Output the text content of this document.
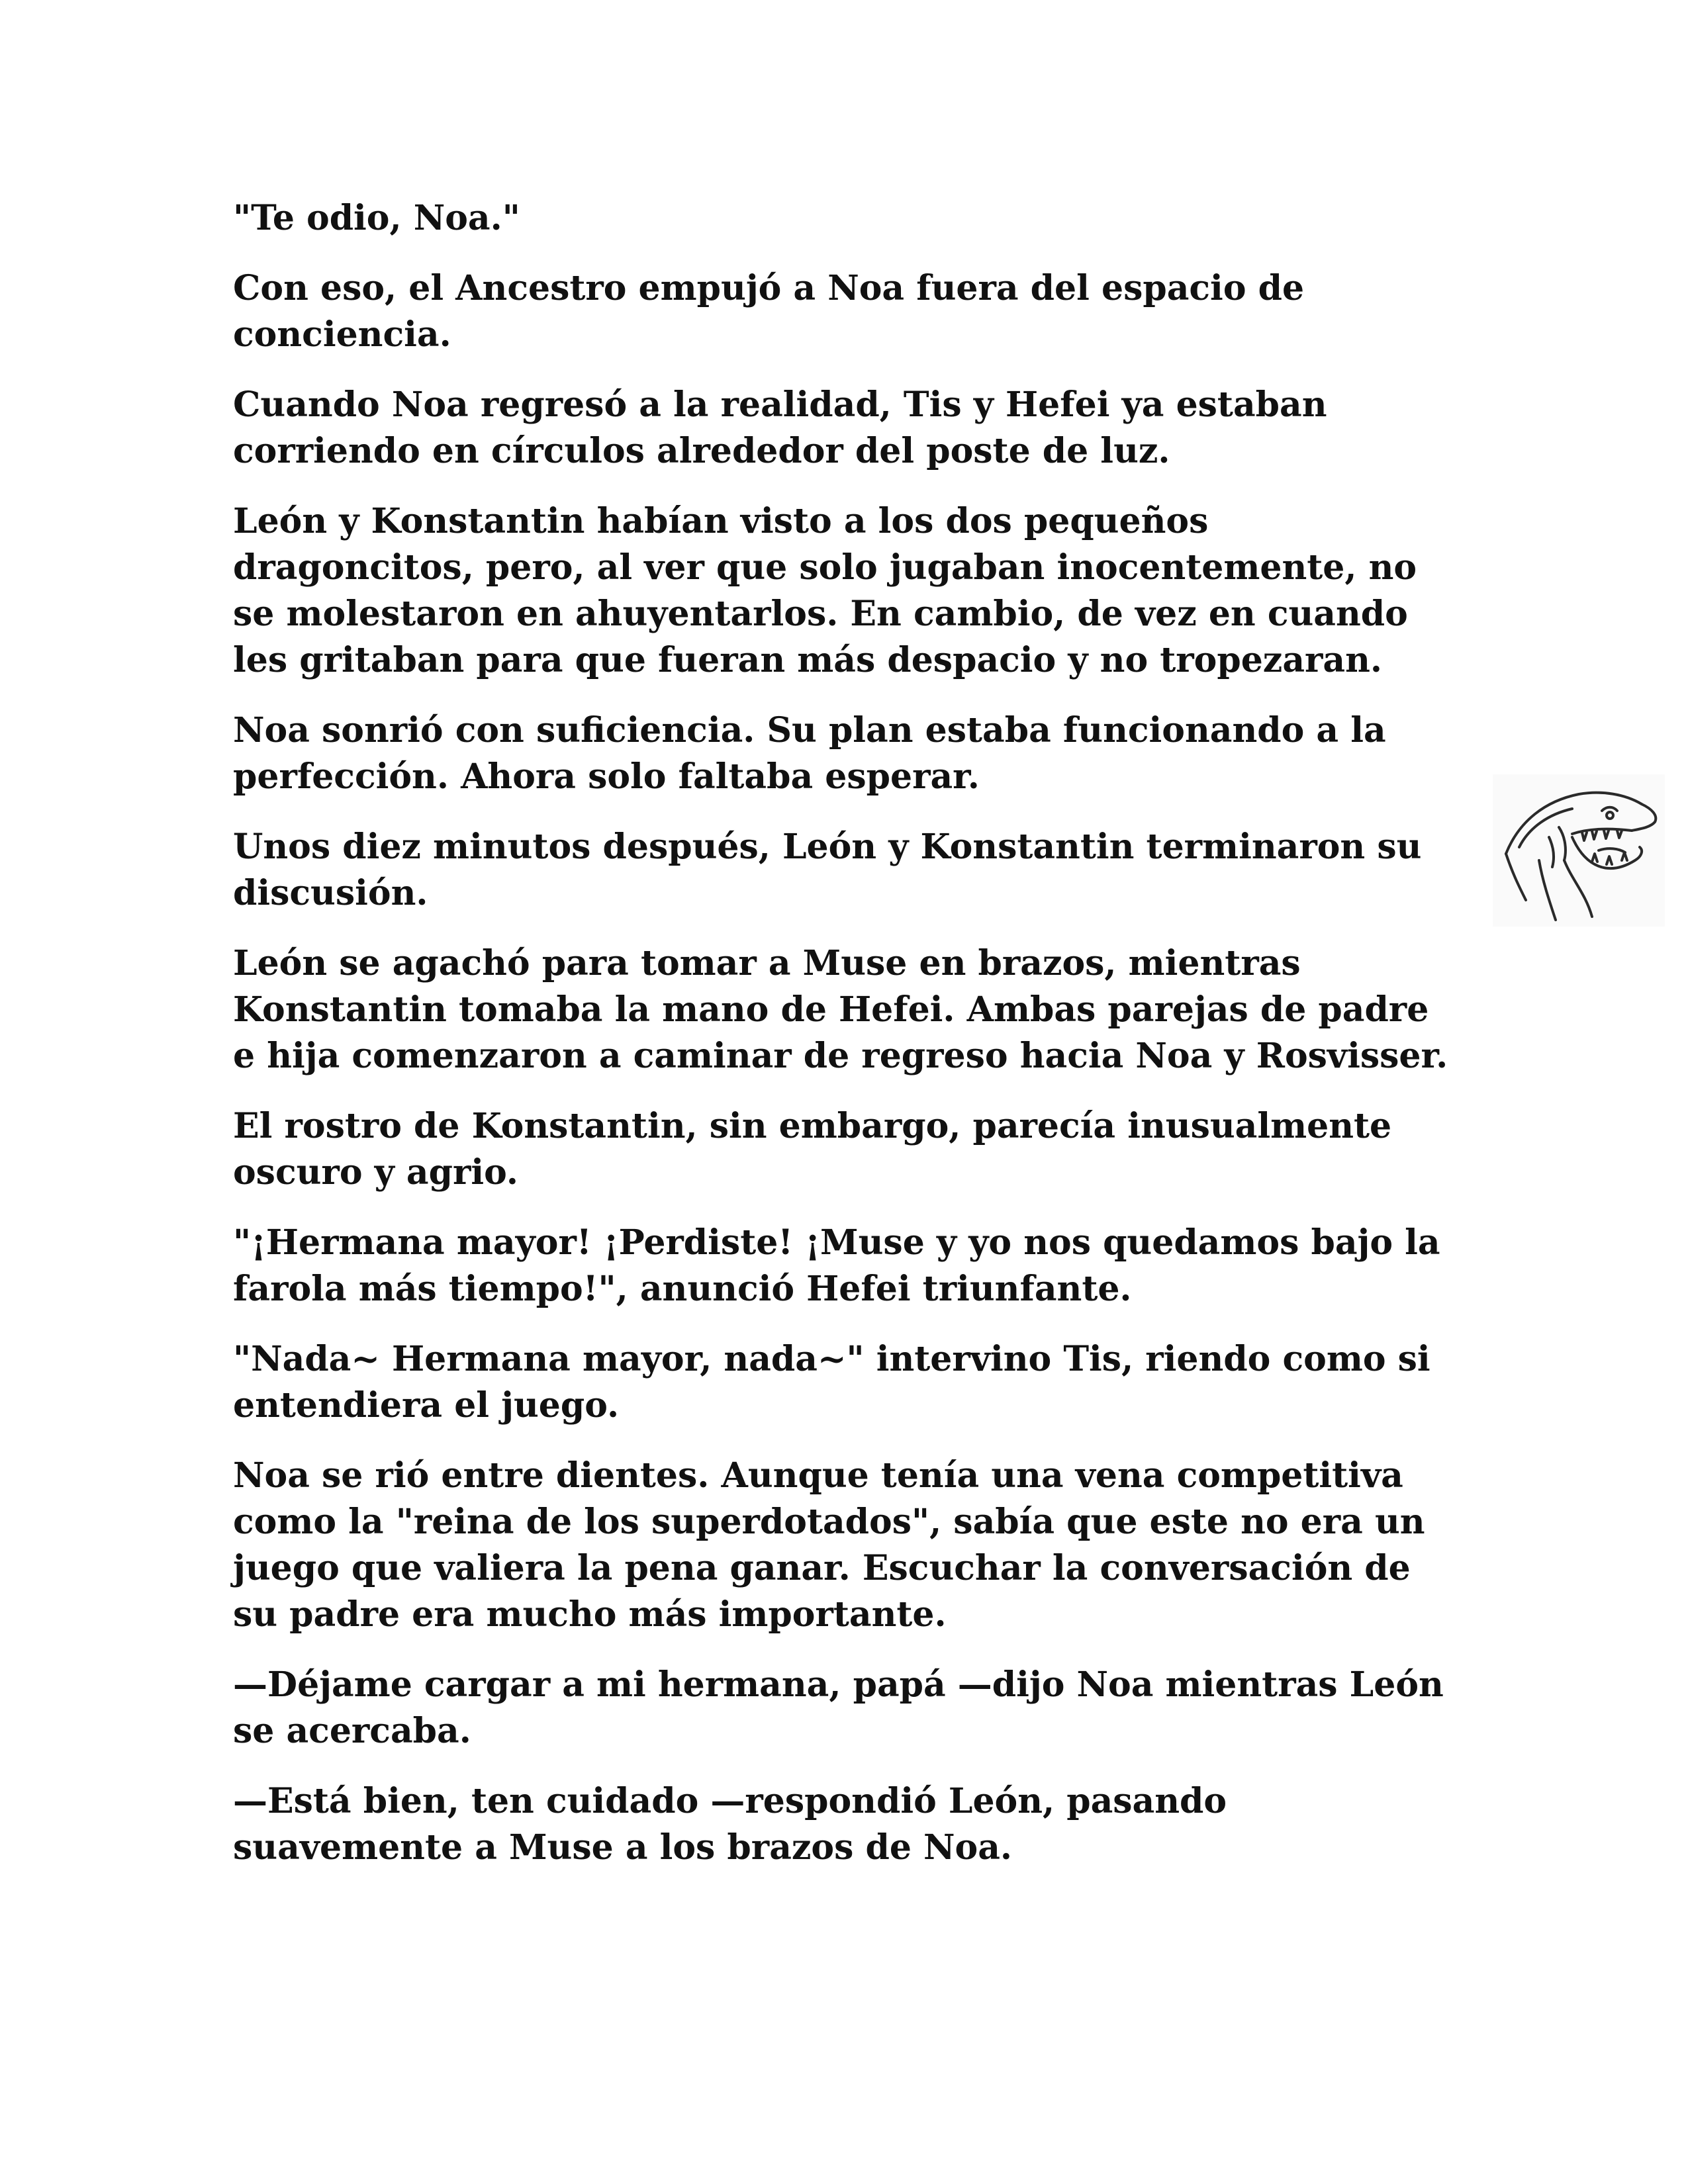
"Te odio, Noa."

Con eso, el Ancestro empujó a Noa fuera del espacio de
conciencia.

Cuando Noa regresó a la realidad, Tis y Hefei ya estaban
corriendo en círculos alrededor del poste de luz.

León y Konstantin habían visto a los dos pequeños
dragoncitos, pero, al ver que solo jugaban inocentemente, no
se molestaron en ahuyentarlos. En cambio, de vez en cuando
les gritaban para que fueran más despacio y no tropezaran.

Noa sonrió con suficiencia. Su plan estaba funcionando a la
perfección. Ahora solo faltaba esperar.

Unos diez minutos después, León y Konstantin terminaron su
discusión.

León se agachó para tomar a Muse en brazos, mientras
Konstantin tomaba la mano de Hefei. Ambas parejas de padre
e hija comenzaron a caminar de regreso hacia Noa y Rosvisser.

El rostro de Konstantin, sin embargo, parecía inusualmente
oscuro y agrio.

"¡Hermana mayor! ¡Perdiste! ¡Muse y yo nos quedamos bajo la
farola más tiempo!", anunció Hefei triunfante.

"Nada~ Hermana mayor, nada~" intervino Tis, riendo como si
entendiera el juego.

Noa se rió entre dientes. Aunque tenía una vena competitiva
como la "reina de los superdotados", sabía que este no era un
juego que valiera la pena ganar. Escuchar la conversación de
su padre era mucho más importante.

—Déjame cargar a mi hermana, papá —dijo Noa mientras León
se acercaba.

—Está bien, ten cuidado —respondió León, pasando
suavemente a Muse a los brazos de Noa.
